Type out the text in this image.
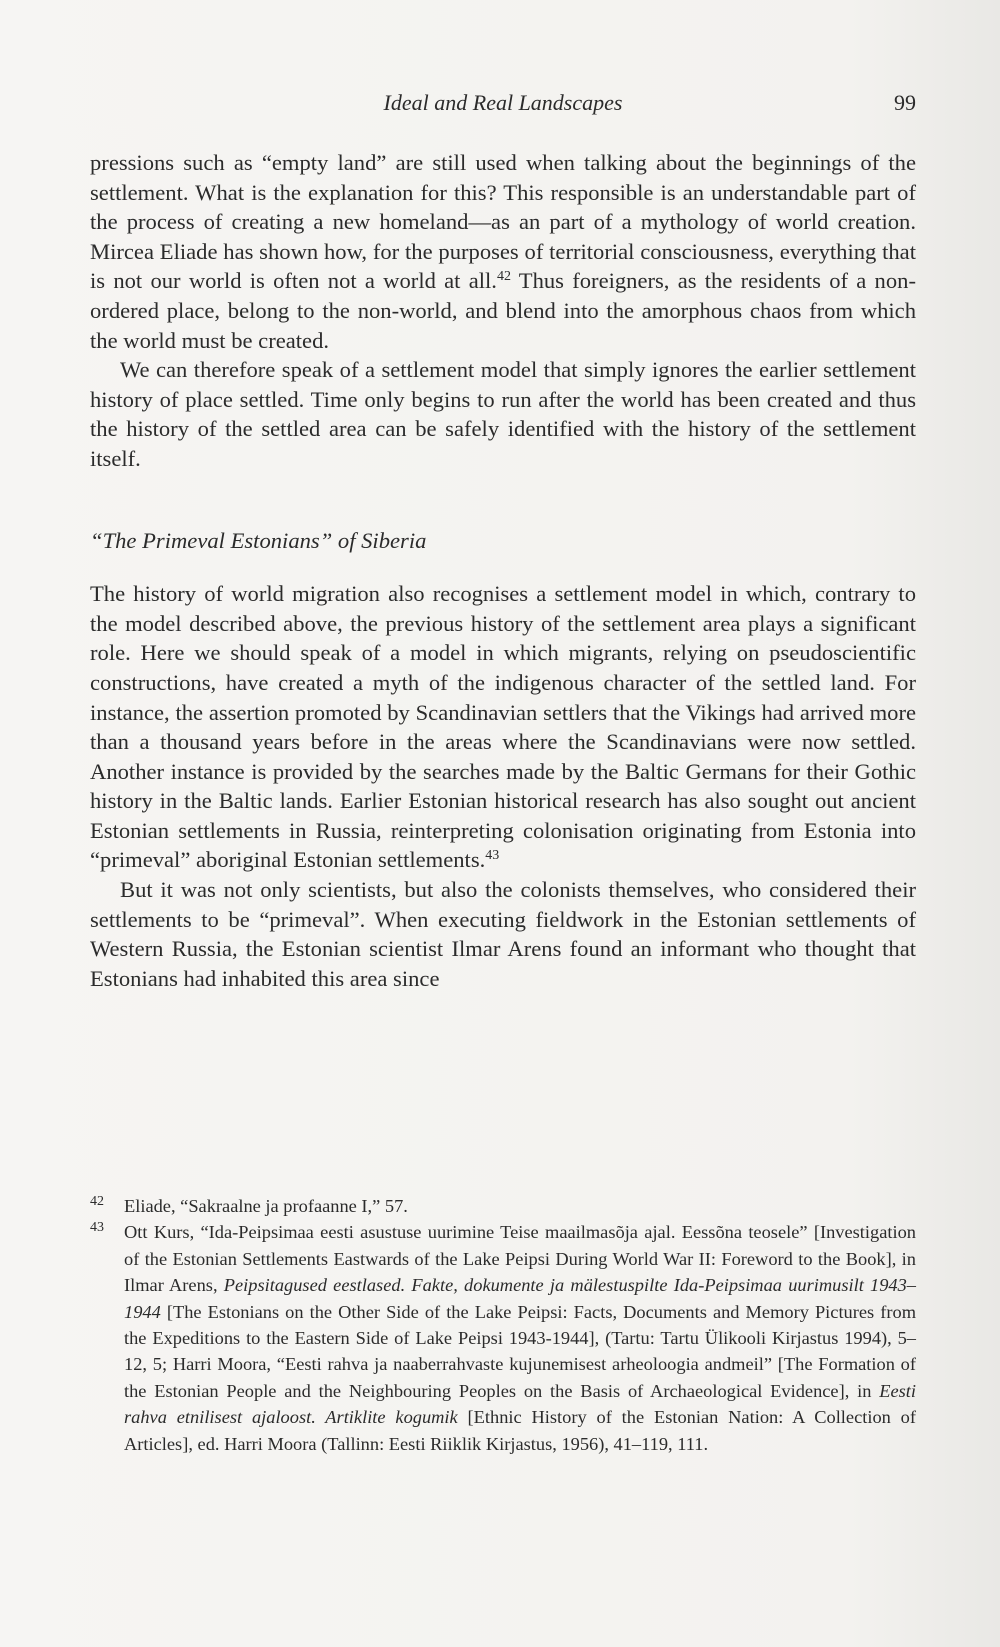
Ideal and Real Landscapes	99

pressions such as “empty land” are still used when talking about the beginnings of the settlement. What is the explanation for this? This responsible is an understandable part of the process of creating a new homeland—as an part of a mythology of world creation. Mircea Eliade has shown how, for the purposes of territorial consciousness, everything that is not our world is often not a world at all.$^{42}$ Thus foreigners, as the residents of a non-ordered place, belong to the non-world, and blend into the amorphous chaos from which the world must be created.

We can therefore speak of a settlement model that simply ignores the earlier settlement history of place settled. Time only begins to run after the world has been created and thus the history of the settled area can be safely identified with the history of the settlement itself.

“The Primeval Estonians” of Siberia

The history of world migration also recognises a settlement model in which, contrary to the model described above, the previous history of the settlement area plays a significant role. Here we should speak of a model in which migrants, relying on pseudoscientific constructions, have created a myth of the indigenous character of the settled land. For instance, the assertion promoted by Scandinavian settlers that the Vikings had arrived more than a thousand years before in the areas where the Scandinavians were now settled. Another instance is provided by the searches made by the Baltic Germans for their Gothic history in the Baltic lands. Earlier Estonian historical research has also sought out ancient Estonian settlements in Russia, reinterpreting colonisation originating from Estonia into “primeval” aboriginal Estonian settlements.$^{43}$

But it was not only scientists, but also the colonists themselves, who considered their settlements to be “primeval”. When executing fieldwork in the Estonian settlements of Western Russia, the Estonian scientist Ilmar Arens found an informant who thought that Estonians had inhabited this area since

42	Eliade, “Sakraalne ja profaanne I,” 57.
43	Ott Kurs, “Ida-Peipsimaa eesti asustuse uurimine Teise maailmasõja ajal. Eessõna teosele” [Investigation of the Estonian Settlements Eastwards of the Lake Peipsi During World War II: Foreword to the Book], in Ilmar Arens, Peipsitagused eestlased. Fakte, dokumente ja mälestuspilte Ida-Peipsimaa uurimusilt 1943–1944 [The Estonians on the Other Side of the Lake Peipsi: Facts, Documents and Memory Pictures from the Expeditions to the Eastern Side of Lake Peipsi 1943-1944], (Tartu: Tartu Ülikooli Kirjastus 1994), 5–12, 5; Harri Moora, “Eesti rahva ja naaberrahvaste kujunemisest arheoloogia andmeil” [The Formation of the Estonian People and the Neighbouring Peoples on the Basis of Archaeological Evidence], in Eesti rahva etnilisest ajaloost. Artiklite kogumik [Ethnic History of the Estonian Nation: A Collection of Articles], ed. Harri Moora (Tallinn: Eesti Riiklik Kirjastus, 1956), 41–119, 111.
